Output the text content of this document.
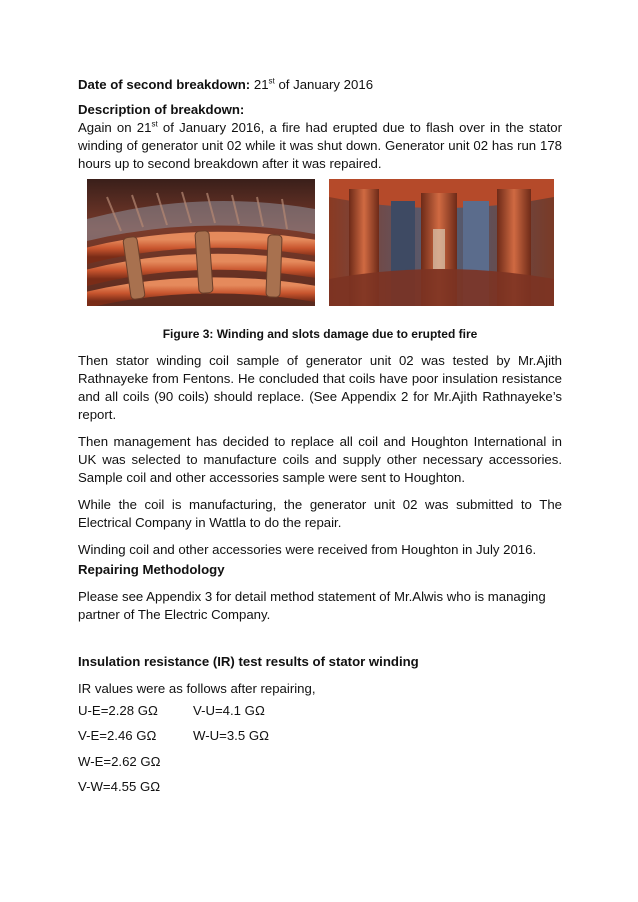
Date of second breakdown: 21st of January 2016

Description of breakdown:

Again on 21st of January 2016, a fire had erupted due to flash over in the stator winding of generator unit 02 while it was shut down. Generator unit 02 has run 178 hours up to second breakdown after it was repaired.

Figure 3: Winding and slots damage due to erupted fire

Then stator winding coil sample of generator unit 02 was tested by Mr.Ajith Rathnayeke from Fentons. He concluded that coils have poor insulation resistance and all coils (90 coils) should replace. (See Appendix 2 for Mr.Ajith Rathnayeke’s report.

Then management has decided to replace all coil and Houghton International in UK was selected to manufacture coils and supply other necessary accessories. Sample coil and other accessories sample were sent to Houghton.

While the coil is manufacturing, the generator unit 02 was submitted to The Electrical Company in Wattla to do the repair.

Winding coil and other accessories were received from Houghton in July 2016.

Repairing Methodology

Please see Appendix 3 for detail method statement of Mr.Alwis who is managing partner of The Electric Company.

Insulation resistance (IR) test results of stator winding

IR values were as follows after repairing,

U-E=2.28 GΩ	V-U=4.1 GΩ
V-E=2.46 GΩ	W-U=3.5 GΩ
W-E=2.62 GΩ
V-W=4.55 GΩ
